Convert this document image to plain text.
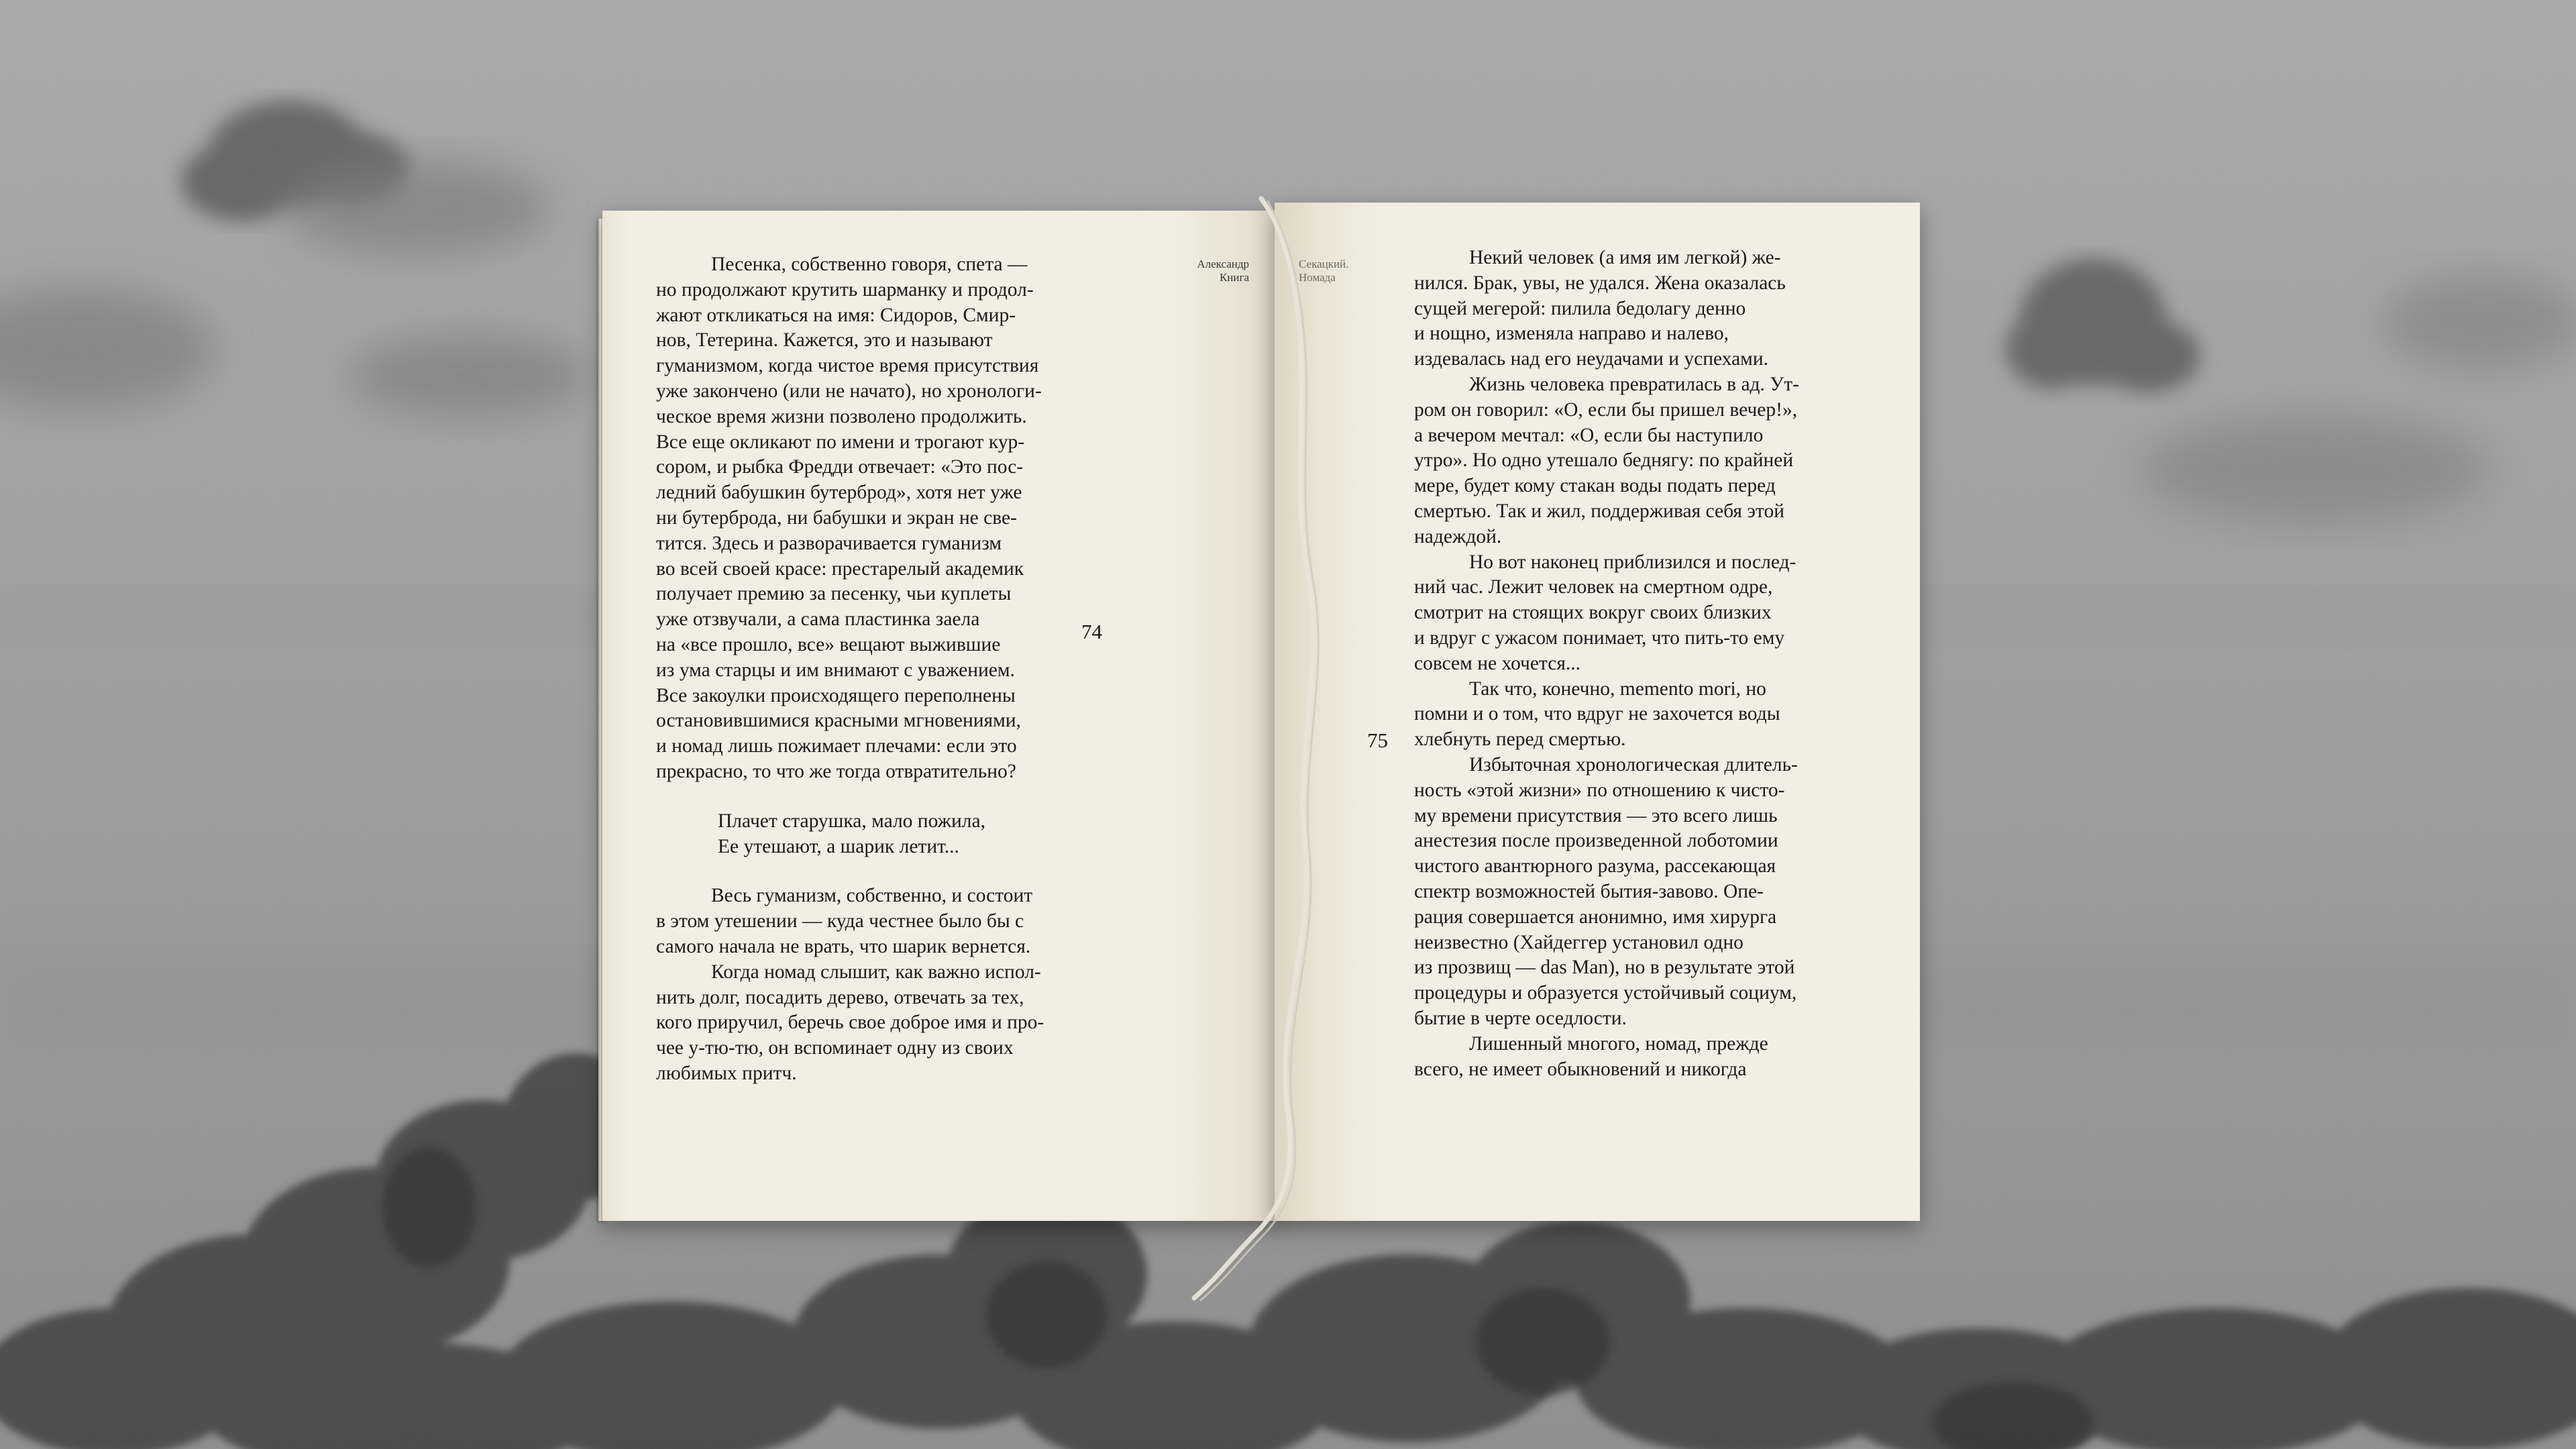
Александр
Книга
Секацкий.
Номада
Песенка, собственно говоря, спета —
но продолжают крутить шарманку и продол-
жают откликаться на имя: Сидоров, Смир-
нов, Тетерина. Кажется, это и называют
гуманизмом, когда чистое время присутствия
уже закончено (или не начато), но хронологи-
ческое время жизни позволено продолжить.
Все еще окликают по имени и трогают кур-
сором, и рыбка Фредди отвечает: «Это пос-
ледний бабушкин бутерброд», хотя нет уже
ни бутерброда, ни бабушки и экран не све-
тится. Здесь и разворачивается гуманизм
во всей своей красе: престарелый академик
получает премию за песенку, чьи куплеты
уже отзвучали, а сама пластинка заела
на «все прошло, все» вещают выжившие
из ума старцы и им внимают с уважением.
Все закоулки происходящего переполнены
остановившимися красными мгновениями,
и номад лишь пожимает плечами: если это
прекрасно, то что же тогда отвратительно?
Плачет старушка, мало пожила,
Ее утешают, а шарик летит...
Весь гуманизм, собственно, и состоит
в этом утешении — куда честнее было бы с
самого начала не врать, что шарик вернется.
Когда номад слышит, как важно испол-
нить долг, посадить дерево, отвечать за тех,
кого приручил, беречь свое доброе имя и про-
чее у-тю-тю, он вспоминает одну из своих
любимых притч.
Некий человек (а имя им легкой) же-
нился. Брак, увы, не удался. Жена оказалась
сущей мегерой: пилила бедолагу денно
и нощно, изменяла направо и налево,
издевалась над его неудачами и успехами.
Жизнь человека превратилась в ад. Ут-
ром он говорил: «О, если бы пришел вечер!»,
а вечером мечтал: «О, если бы наступило
утро». Но одно утешало беднягу: по крайней
мере, будет кому стакан воды подать перед
смертью. Так и жил, поддерживая себя этой
надеждой.
Но вот наконец приблизился и послед-
ний час. Лежит человек на смертном одре,
смотрит на стоящих вокруг своих близких
и вдруг с ужасом понимает, что пить-то ему
совсем не хочется...
Так что, конечно, memento mori, но
помни и о том, что вдруг не захочется воды
хлебнуть перед смертью.
Избыточная хронологическая длитель-
ность «этой жизни» по отношению к чисто-
му времени присутствия — это всего лишь
анестезия после произведенной лоботомии
чистого авантюрного разума, рассекающая
спектр возможностей бытия-завово. Опе-
рация совершается анонимно, имя хирурга
неизвестно (Хайдеггер установил одно
из прозвищ — das Man), но в результате этой
процедуры и образуется устойчивый социум,
бытие в черте оседлости.
Лишенный многого, номад, прежде
всего, не имеет обыкновений и никогда
74
75
